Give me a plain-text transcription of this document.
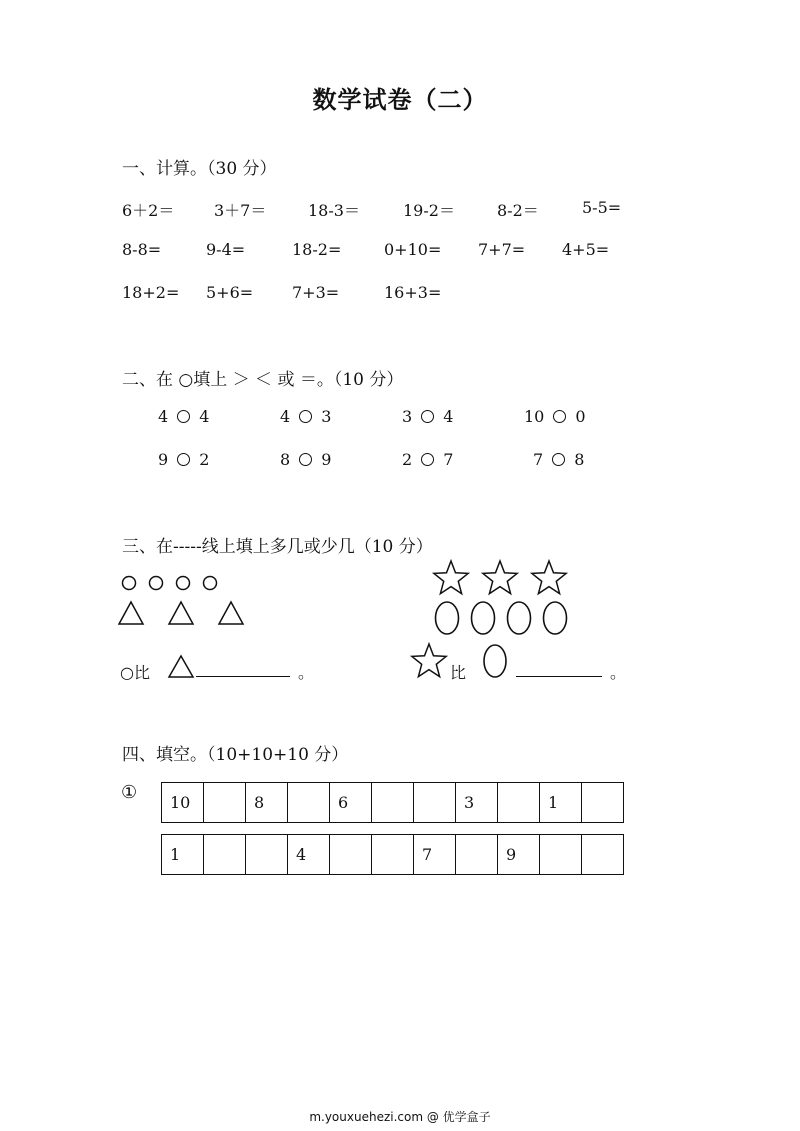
数学试卷（二）
一、计算。（30 分）
6＋2＝ 3＋7＝	18-3＝	19-2＝	8-2＝	5-5=
8-8=	9-4=	18-2=	0+10= 7+7= 4+5=
18+2= 5+6= 7+3=	16+3=
二、在 ○填上 ＞ ＜ 或 ＝。（10 分）
4 4	4 3	3 4	10 0
9 2	8 9	2 7	7 8
三、在-----线上填上多几或少几（10 分）
○比	。	比	。
四、填空。（10+10+10 分）
① 10		8		6			3		1	
1			4			7		9		
m.youxuehezi.com @ 优学盒子
